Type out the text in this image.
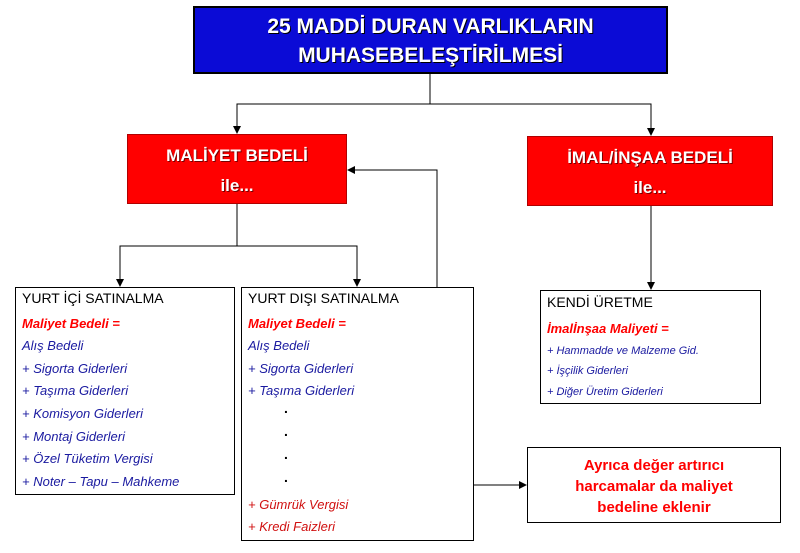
25 MADDİ DURAN VARLIKLARIN
MUHASEBELEŞTİRİLMESİ
MALİYET BEDELİ
ile...
İMAL/İNŞAA BEDELİ
ile...
YURT İÇİ SATINALMA
Maliyet Bedeli =
Alış Bedeli
+ Sigorta Giderleri
+ Taşıma Giderleri
+ Komisyon Giderleri
+ Montaj Giderleri
+ Özel Tüketim Vergisi
+ Noter – Tapu – Mahkeme
YURT DIŞI SATINALMA
Maliyet Bedeli =
Alış Bedeli
+ Sigorta Giderleri
+ Taşıma Giderleri
.
.
.
.
+ Gümrük Vergisi
+ Kredi Faizleri
KENDİ ÜRETME
İmalİnşaa Maliyeti =
+ Hammadde ve Malzeme Gid.
+ İşçilik Giderleri
+ Diğer Üretim Giderleri
Ayrıca değer artırıcı
harcamalar da maliyet
bedeline eklenir
